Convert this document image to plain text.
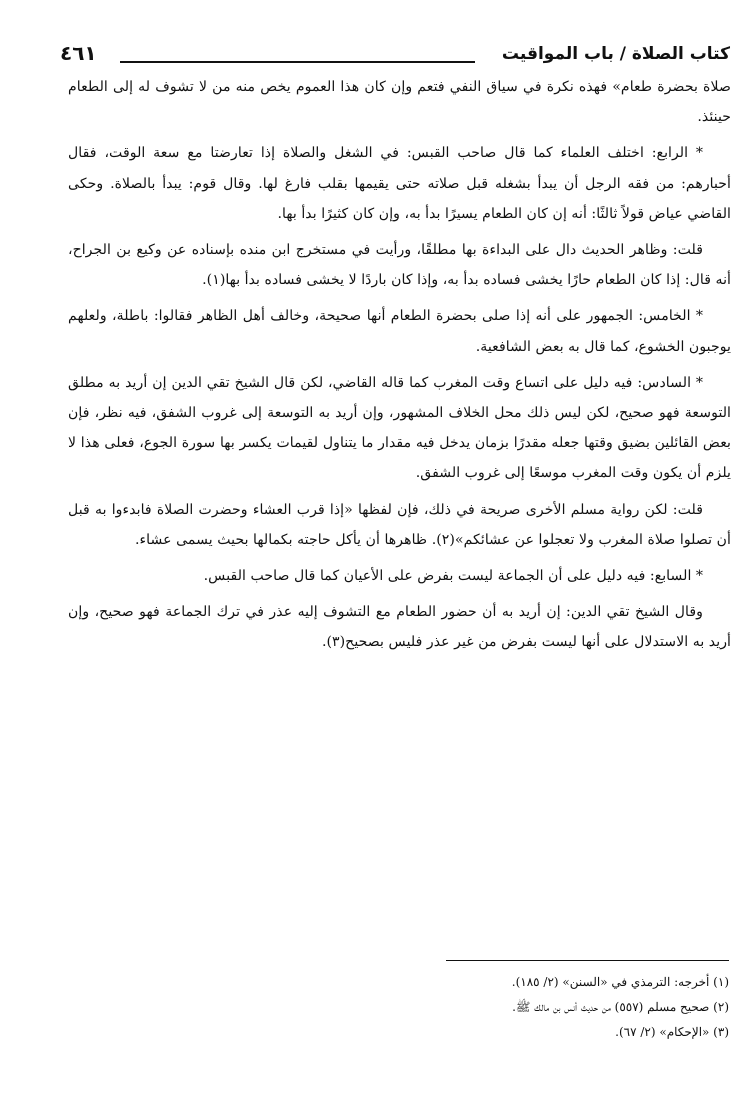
كتاب الصلاة / باب المواقيت
٤٦١

صلاة بحضرة طعام» فهذه نكرة في سياق النفي فتعم وإن كان هذا العموم يخص منه من لا تشوف له إلى الطعام حينئذ.

* الرابع: اختلف العلماء كما قال صاحب القبس: في الشغل والصلاة إذا تعارضتا مع سعة الوقت، فقال أحبارهم: من فقه الرجل أن يبدأ بشغله قبل صلاته حتى يقيمها بقلب فارغ لها. وقال قوم: يبدأ بالصلاة. وحكى القاضي عياض قولاً ثالثًا: أنه إن كان الطعام يسيرًا بدأ به، وإن كان كثيرًا بدأ بها.

قلت: وظاهر الحديث دال على البداءة بها مطلقًا، ورأيت في مستخرج ابن منده بإسناده عن وكيع بن الجراح، أنه قال: إذا كان الطعام حارًا يخشى فساده بدأ به، وإذا كان باردًا لا يخشى فساده بدأ بها(١).

* الخامس: الجمهور على أنه إذا صلى بحضرة الطعام أنها صحيحة، وخالف أهل الظاهر فقالوا: باطلة، ولعلهم يوجبون الخشوع، كما قال به بعض الشافعية.

* السادس: فيه دليل على اتساع وقت المغرب كما قاله القاضي، لكن قال الشيخ تقي الدين إن أريد به مطلق التوسعة فهو صحيح، لكن ليس ذلك محل الخلاف المشهور، وإن أريد به التوسعة إلى غروب الشفق، فيه نظر، فإن بعض القائلين بضيق وقتها جعله مقدرًا بزمان يدخل فيه مقدار ما يتناول لقيمات يكسر بها سورة الجوع، فعلى هذا لا يلزم أن يكون وقت المغرب موسعًا إلى غروب الشفق.

قلت: لكن رواية مسلم الأخرى صريحة في ذلك، فإن لفظها «إذا قرب العشاء وحضرت الصلاة فابدءوا به قبل أن تصلوا صلاة المغرب ولا تعجلوا عن عشائكم»(٢). ظاهرها أن يأكل حاجته بكمالها بحيث يسمى عشاء.

* السابع: فيه دليل على أن الجماعة ليست بفرض على الأعيان كما قال صاحب القبس.

وقال الشيخ تقي الدين: إن أريد به أن حضور الطعام مع التشوف إليه عذر في ترك الجماعة فهو صحيح، وإن أريد به الاستدلال على أنها ليست بفرض من غير عذر فليس بصحيح(٣).

(١) أخرجه: الترمذي في «السنن» (٢/ ١٨٥).
(٢) صحيح مسلم (٥٥٧) من حديث أنس بن مالك ﷺ.
(٣) «الإحكام» (٢/ ٦٧).
